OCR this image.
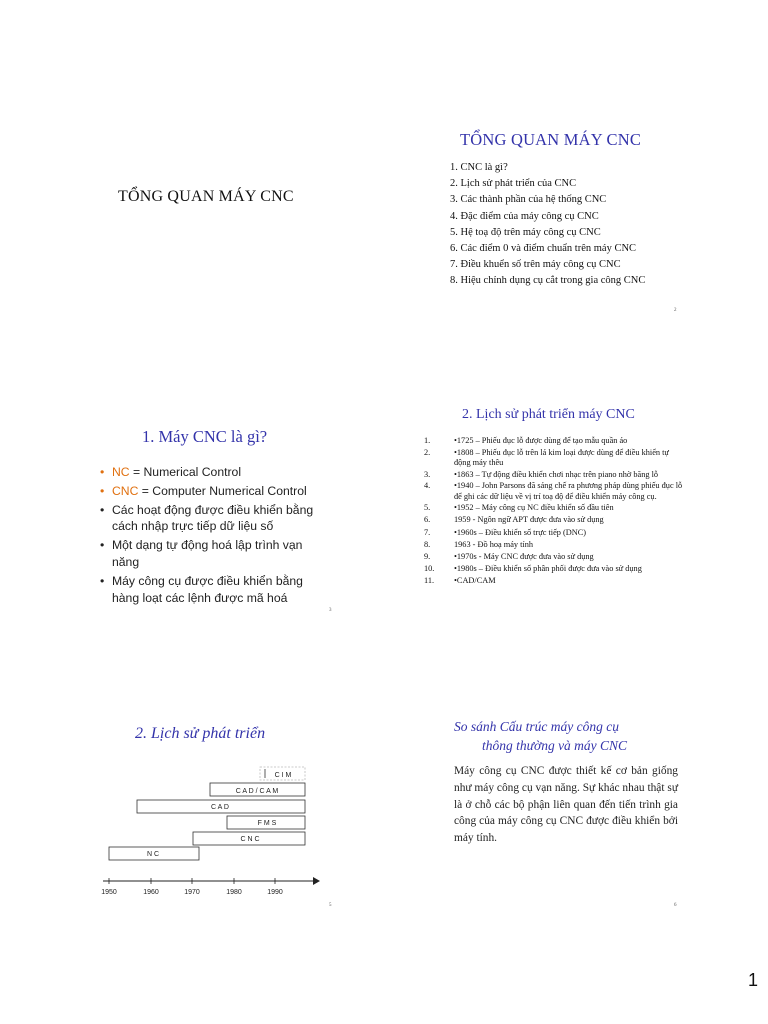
TỔNG QUAN MÁY CNC
TỔNG QUAN MÁY CNC
1. CNC là gì?
2. Lịch sử phát triển của CNC
3. Các thành phần của hệ thống CNC
4. Đặc điểm của máy công cụ CNC
5. Hệ toạ độ trên máy công cụ CNC
6. Các điểm 0 và điểm chuẩn trên máy CNC
7. Điều khuển số trên máy công cụ CNC
8. Hiệu chỉnh dụng cụ cắt trong gia công CNC
2
1. Máy CNC là gì?
• NC = Numerical Control
• CNC = Computer Numerical Control
• Các hoạt động được điều khiển bằng cách nhập trực tiếp dữ liệu số
• Một dạng tự động hoá lập trình vạn năng
• Máy công cụ được điều khiển bằng hàng loạt các lệnh được mã hoá
3
2. Lịch sử phát triển máy CNC
1.	•1725 – Phiếu đục lỗ được dùng để tạo mẫu quần áo
2.	•1808 – Phiếu đục lỗ trên lá kim loại được dùng để điều khiển tự động máy thêu
3.	•1863 – Tự động điều khiển chơi nhạc trên piano nhờ băng lỗ
4.	•1940 – John Parsons đã sáng chế ra phương pháp dùng phiếu đục lỗ để ghi các dữ liệu về vị trí toạ độ để điều khiển máy công cụ.
5.	•1952 – Máy công cụ NC điều khiển số đầu tiên
6.	1959 - Ngôn ngữ APT được đưa vào sử dụng
7.	•1960s – Điều khiển số trực tiếp (DNC)
8.	1963 - Đồ hoạ máy tính
9.	•1970s - Máy CNC được đưa vào sử dụng
10.	•1980s – Điều khiển số phân phối được đưa vào sử dụng
11.	•CAD/CAM
2. Lịch sử phát triển
C I M
C A D / C A M
C A D
F M S
C N C
N C
1950	1960	1970	1980	1990
5
So sánh Cấu trúc máy công cụ
thông thường và máy CNC
Máy công cụ CNC được thiết kế cơ bản giống như máy công cụ vạn năng. Sự khác nhau thật sự là ở chỗ các bộ phận liên quan đến tiến trình gia công của máy công cụ CNC được điều khiển bởi máy tính.
6
1
